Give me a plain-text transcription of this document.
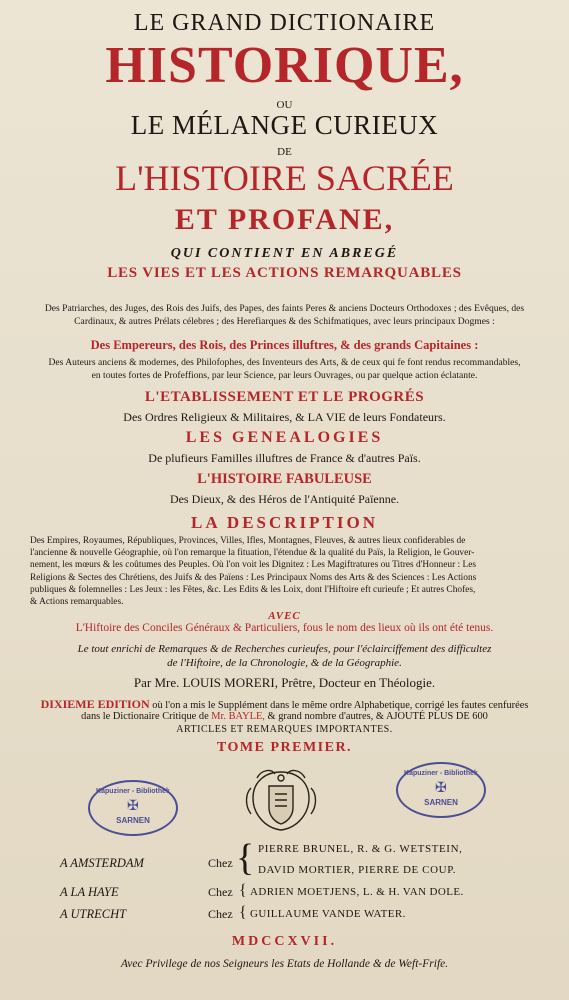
LE GRAND DICTIONAIRE
HISTORIQUE,
OU
LE MÉLANGE CURIEUX
DE
L'HISTOIRE SACRÉE
ET PROFANE,
QUI CONTIENT EN ABREGÉ
LES VIES ET LES ACTIONS REMARQUABLES
Des Patriarches, des Juges, des Rois des Juifs, des Papes, des faints Peres & anciens Docteurs Orthodoxes ; des Evêques, des
Cardinaux, & autres Prélats célebres ; des Herefiarques & des Schifmatiques, avec leurs principaux Dogmes :
Des Empereurs, des Rois, des Princes illuftres, & des grands Capitaines :
Des Auteurs anciens & modernes, des Philofophes, des Inventeurs des Arts, & de ceux qui fe font rendus recommandables,
en toutes fortes de Profeffions, par leur Science, par leurs Ouvrages, ou par quelque action éclatante.
L'ETABLISSEMENT ET LE PROGRÉS
Des Ordres Religieux & Militaires, & LA VIE de leurs Fondateurs.
LES GENEALOGIES
De plufieurs Familles illuftres de France & d'autres Païs.
L'HISTOIRE FABULEUSE
Des Dieux, & des Héros de l'Antiquité Païenne.
LA DESCRIPTION
Des Empires, Royaumes, Républiques, Provinces, Villes, Ifles, Montagnes, Fleuves, & autres lieux confiderables de
l'ancienne & nouvelle Géographie, où l'on remarque la fituation, l'étendue & la qualité du Païs, la Religion, le Gouver-
nement, les mœurs & les coûtumes des Peuples. Où l'on voit les Dignitez : Les Magiftratures ou Titres d'Honneur : Les
Religions & Sectes des Chrétiens, des Juifs & des Païens : Les Principaux Noms des Arts & des Sciences : Les Actions
publiques & folemnelles : Les Jeux : les Fêtes, &c. Les Edits & les Loix, dont l'Hiftoire eft curieufe ; Et autres Chofes,
& Actions remarquables.
AVEC
L'Hiftoire des Conciles Généraux & Particuliers, fous le nom des lieux où ils ont été tenus.
Le tout enrichi de Remarques & de Recherches curieufes, pour l'éclairciffement des difficultez
de l'Hiftoire, de la Chronologie, & de la Géographie.
Par Mre. LOUIS MORERI, Prêtre, Docteur en Théologie.
DIXIEME EDITION où l'on a mis le Supplément dans le même ordre Alphabetique, corrigé les fautes cenfurées
dans le Dictionaire Critique de Mr. BAYLE, & grand nombre d'autres, & AJOUTÉ PLUS DE 600
ARTICLES ET REMARQUES IMPORTANTES.
TOME PREMIER.
Kapuziner - Bibliothek
✠
SARNEN
Kapuziner - Bibliothek
✠
SARNEN
A AMSTERDAM	Chez { PIERRE BRUNEL, R. & G. WETSTEIN,
DAVID MORTIER, PIERRE DE COUP.
A LA HAYE	Chez { ADRIEN MOETJENS, L. & H. VAN DOLE.
A UTRECHT	Chez { GUILLAUME VANDE WATER.
MDCCXVII.
Avec Privilege de nos Seigneurs les Etats de Hollande & de Weft-Frife.
